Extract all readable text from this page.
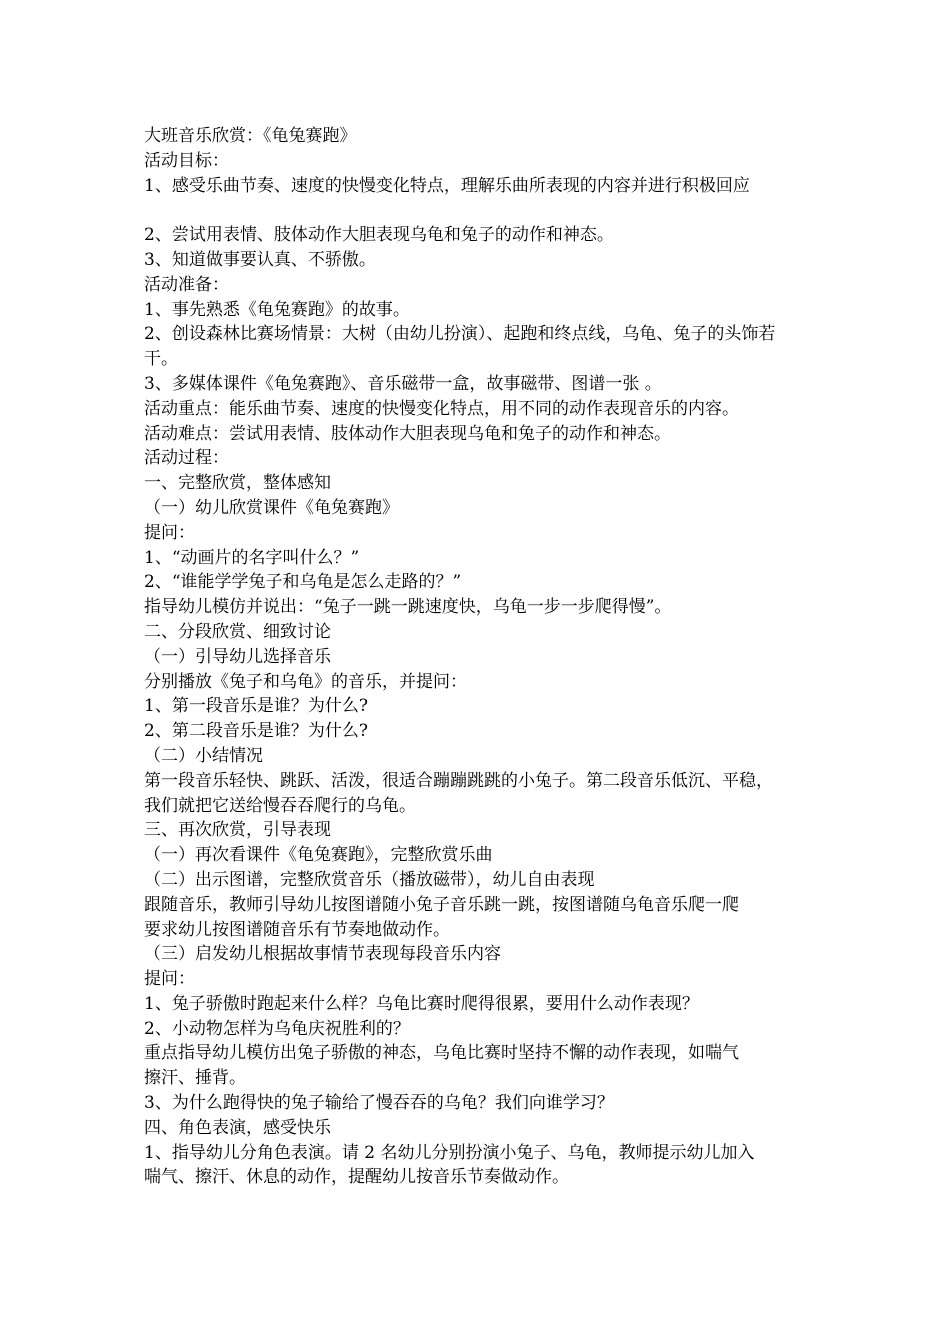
大班音乐欣赏：《龟兔赛跑》
活动目标：
1、感受乐曲节奏、速度的快慢变化特点，理解乐曲所表现的内容并进行积极回应
2、尝试用表情、肢体动作大胆表现乌龟和兔子的动作和神态。
3、知道做事要认真、不骄傲。
活动准备：
1、事先熟悉《龟兔赛跑》的故事。
2、创设森林比赛场情景：大树（由幼儿扮演）、起跑和终点线，乌龟、兔子的头饰若
干。
3、多媒体课件《龟兔赛跑》、音乐磁带一盒，故事磁带、图谱一张 。
活动重点：能乐曲节奏、速度的快慢变化特点，用不同的动作表现音乐的内容。
活动难点：尝试用表情、肢体动作大胆表现乌龟和兔子的动作和神态。
活动过程：
一、完整欣赏，整体感知
（一）幼儿欣赏课件《龟兔赛跑》
提问：
1、“动画片的名字叫什么？”
2、“谁能学学兔子和乌龟是怎么走路的？”
指导幼儿模仿并说出：“兔子一跳一跳速度快，乌龟一步一步爬得慢”。
二、分段欣赏、细致讨论
（一）引导幼儿选择音乐
分别播放《兔子和乌龟》的音乐，并提问：
1、第一段音乐是谁？为什么?
2、第二段音乐是谁？为什么?
（二）小结情况
第一段音乐轻快、跳跃、活泼，很适合蹦蹦跳跳的小兔子。第二段音乐低沉、平稳，
我们就把它送给慢吞吞爬行的乌龟。
三、再次欣赏，引导表现
（一）再次看课件《龟兔赛跑》，完整欣赏乐曲
（二）出示图谱，完整欣赏音乐（播放磁带），幼儿自由表现
跟随音乐，教师引导幼儿按图谱随小兔子音乐跳一跳，按图谱随乌龟音乐爬一爬
要求幼儿按图谱随音乐有节奏地做动作。
（三）启发幼儿根据故事情节表现每段音乐内容
提问：
1、兔子骄傲时跑起来什么样？乌龟比赛时爬得很累，要用什么动作表现？
2、小动物怎样为乌龟庆祝胜利的？
重点指导幼儿模仿出兔子骄傲的神态，乌龟比赛时坚持不懈的动作表现，如喘气
擦汗、捶背。
3、为什么跑得快的兔子输给了慢吞吞的乌龟？我们向谁学习？
四、角色表演，感受快乐
1、指导幼儿分角色表演。请 2 名幼儿分别扮演小兔子、乌龟，教师提示幼儿加入
喘气、擦汗、休息的动作，提醒幼儿按音乐节奏做动作。
